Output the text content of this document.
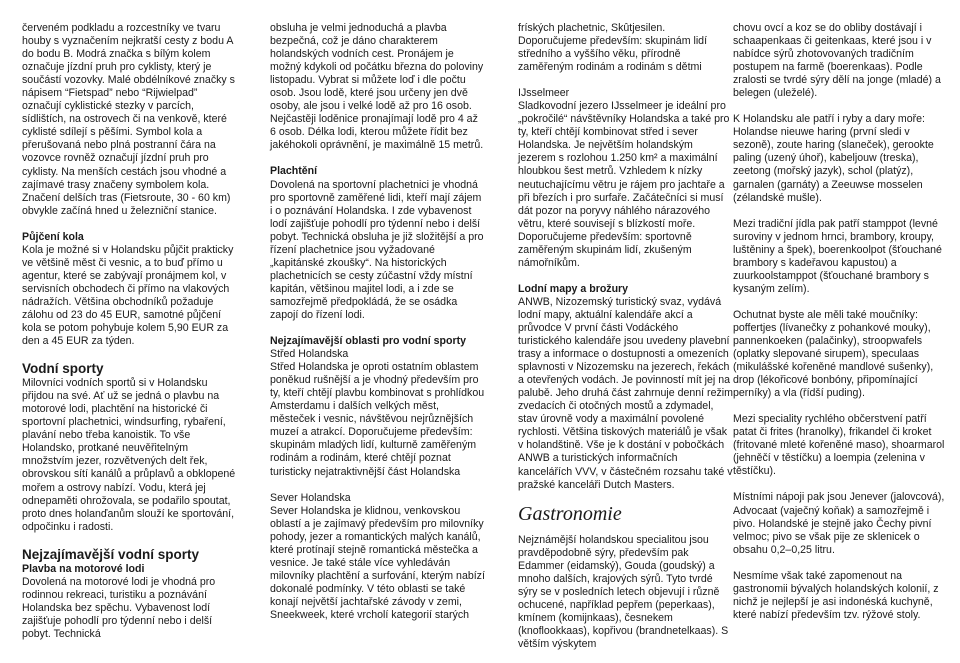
červeném podkladu a rozcestníky ve tvaru houby s vyznačením nejkratší cesty z bodu A do bodu B. Modrá značka s bílým kolem označuje jízdní pruh pro cyklisty, který je součástí vozovky. Malé obdélníkové značky s nápisem “Fietspad” nebo “Rijwielpad” označují cyklistické stezky v parcích, sídlištích, na ostrovech či na venkově, které cyklisté sdílejí s pěšími. Symbol kola a přerušovaná nebo plná postranní čára na vozovce rovněž označují jízdní pruh pro cyklisty. Na menších cestách jsou vhodné a zajímavé trasy značeny symbolem kola. Značení delších tras (Fietsroute, 30 - 60 km) obvykle začíná hned u železniční stanice.

Půjčení kola

Kola je možné si v Holandsku půjčit prakticky ve většině měst či vesnic, a to buď přímo u agentur, které se zabývají pronájmem kol, v servisních obchodech či přímo na vlakových nádražích. Většina obchodníků požaduje zálohu od 23 do 45 EUR, samotné půjčení kola se potom pohybuje kolem 5,90 EUR za den a 45 EUR za týden.

Vodní sporty

Milovníci vodních sportů si v Holandsku přijdou na své. Ať už se jedná o plavbu na motorové lodi, plachtění na historické či sportovní plachetnici, windsurfing, rybaření, plavání nebo třeba kanoistik. To vše Holandsko, protkané neuvěřitelným množstvím jezer, rozvětvených delt řek, obrovskou sítí kanálů a průplavů a obklopené mořem a ostrovy nabízí. Vodu, která jej odnepaměti ohrožovala, se podařilo spoutat, proto dnes holanďanům slouží ke sportování, odpočinku i radosti.

Nejzajímavější vodní sporty

Plavba na motorové lodi

Dovolená na motorové lodi je vhodná pro rodinnou rekreaci, turistiku a poznávání Holandska bez spěchu. Vybavenost lodí zajišťuje pohodlí pro týdenní nebo i delší pobyt. Technická

obsluha je velmi jednoduchá a plavba bezpečná, což je dáno charakterem holandských vodních cest. Pronájem je možný kdykoli od počátku března do poloviny listopadu. Vybrat si můžete loď i dle počtu osob. Jsou lodě, které jsou určeny jen dvě osoby, ale jsou i velké lodě až pro 16 osob. Nejčastěji loděnice pronajímají lodě pro 4 až 6 osob. Délka lodi, kterou můžete řídit bez jakéhokoli oprávnění, je maximálně 15 metrů.

Plachtění

Dovolená na sportovní plachetnici je vhodná pro sportovně zaměřené lidi, kteří mají zájem i o poznávání Holandska. I zde vybavenost lodí zajišťuje pohodlí pro týdenní nebo i delší pobyt. Technická obsluha je již složitější a pro řízení plachetnice jsou vyžadované „kapitánské zkoušky“. Na historických plachetnicích se cesty zúčastní vždy místní kapitán, většinou majitel lodi, a i zde se samozřejmě předpokládá, že se osádka zapojí do řízení lodi.

Nejzajímavější oblasti pro vodní sporty

Střed Holandska

Střed Holandska je oproti ostatním oblastem poněkud rušnější a je vhodný především pro ty, kteří chtějí plavbu kombinovat s prohlídkou Amsterdamu i dalších velkých měst, městeček i vesnic, návštěvou nejrůznějších muzeí a atrakcí. Doporučujeme především: skupinám mladých lidí, kulturně zaměřeným rodinám a rodinám, které chtějí poznat turisticky nejatraktivnější část Holandska

Sever Holandska

Sever Holandska je klidnou, venkovskou oblastí a je zajímavý především pro milovníky pohody, jezer a romantických malých kanálů, které protínají stejně romantická městečka a vesnice. Je také stále více vyhledáván milovníky plachtění a surfování, kterým nabízí dokonalé podmínky. V této oblasti se také konají největší jachtařské závody v zemi, Sneekweek, které vrcholí kategorií starých

fríských plachetnic, Skûtjesilen. Doporučujeme především: skupinám lidí středního a vyššího věku, přírodně zaměřeným rodinám a rodinám s dětmi

IJsselmeer

Sladkovodní jezero IJsselmeer je ideální pro „pokročilé“ návštěvníky Holandska a také pro ty, kteří chtějí kombinovat střed i sever Holandska. Je největším holandským jezerem s rozlohou 1.250 km² a maximální hloubkou šest metrů. Vzhledem k nízky neutuchajícímu větru je rájem pro jachtaře a při březích i pro surfaře. Začátečníci si musí dát pozor na poryvy náhlého nárazového větru, které souvisejí s blízkostí moře. Doporučujeme především: sportovně zaměřeným skupinám lidí, zkušeným námořníkům.

Lodní mapy a brožury

ANWB, Nizozemský turistický svaz, vydává lodní mapy, aktuální kalendáře akcí a průvodce V první části Vodáckého turistického kalendáře jsou uvedeny plavební trasy a informace o dostupnosti a omezeních splavnosti v Nizozemsku na jezerech, řekách a otevřených vodách. Je povinností mít jej na palubě. Jeho druhá část zahrnuje denní režim zvedacích či otočných mostů a zdymadel, stav úrovně vody a maximální povolené rychlosti. Většina tiskových materiálů je však v holandštině. Vše je k dostání v pobočkách ANWB a turistických informačních kancelářích VVV, v částečném rozsahu také v pražské kanceláři Dutch Masters.

Gastronomie

Nejznámější holandskou specialitou jsou pravděpodobně sýry, především pak Edammer (eidamský), Gouda (goudský) a mnoho dalších, krajových sýrů. Tyto tvrdé sýry se v posledních letech objevují i různě ochucené, například pepřem (peperkaas), kmínem (komijnkaas), česnekem (knoflookkaas), kopřivou (brandnetelkaas). S větším výskytem

chovu ovcí a koz se do obliby dostávají i schaapenkaas či geitenkaas, které jsou i v nabídce sýrů zhotovovaných tradičním postupem na farmě (boerenkaas). Podle zralosti se tvrdé sýry dělí na jonge (mladé) a belegen (uleželé).

K Holandsku ale patří i ryby a dary moře: Holandse nieuwe haring (první sledi v sezoně), zoute haring (slaneček), gerookte paling (uzený úhoř), kabeljouw (treska), zeetong (mořský jazyk), schol (platýz), garnalen (garnáty) a Zeeuwse mosselen (zélandské mušle).

Mezi tradiční jídla pak patří stamppot (levné suroviny v jednom hrnci, brambory, kroupy, luštěniny a špek), boerenkoolpot (šťouchané brambory s kadeřavou kapustou) a zuurkoolstamppot (šťouchané brambory s kysaným zelím).

Ochutnat byste ale měli také moučníky: poffertjes (lívanečky z pohankové mouky), pannenkoeken (palačinky), stroopwafels (oplatky slepované sirupem), speculaas (mikulášské kořeněné mandlové sušenky), drop (lékořicové bonbóny, připomínající perníky) a vla (řídší puding).

Mezi speciality rychlého občerstvení patří patat či frites (hranolky), frikandel či kroket (fritované mleté kořeněné maso), shoarmarol (jehněčí v těstíčku) a loempia (zelenina v těstíčku).

Místními nápoji pak jsou Jenever (jalovcová), Advocaat (vaječný koňak) a samozřejmě i pivo. Holandské je stejně jako Čechy pivní velmoc; pivo se však pije ze sklenicek o obsahu 0,2–0,25 litru.

Nesmíme však také zapomenout na gastronomii bývalých holandských kolonií, z nichž je nejlepší je asi indonéská kuchyně, které nabízí především tzv. rýžové stoly.
